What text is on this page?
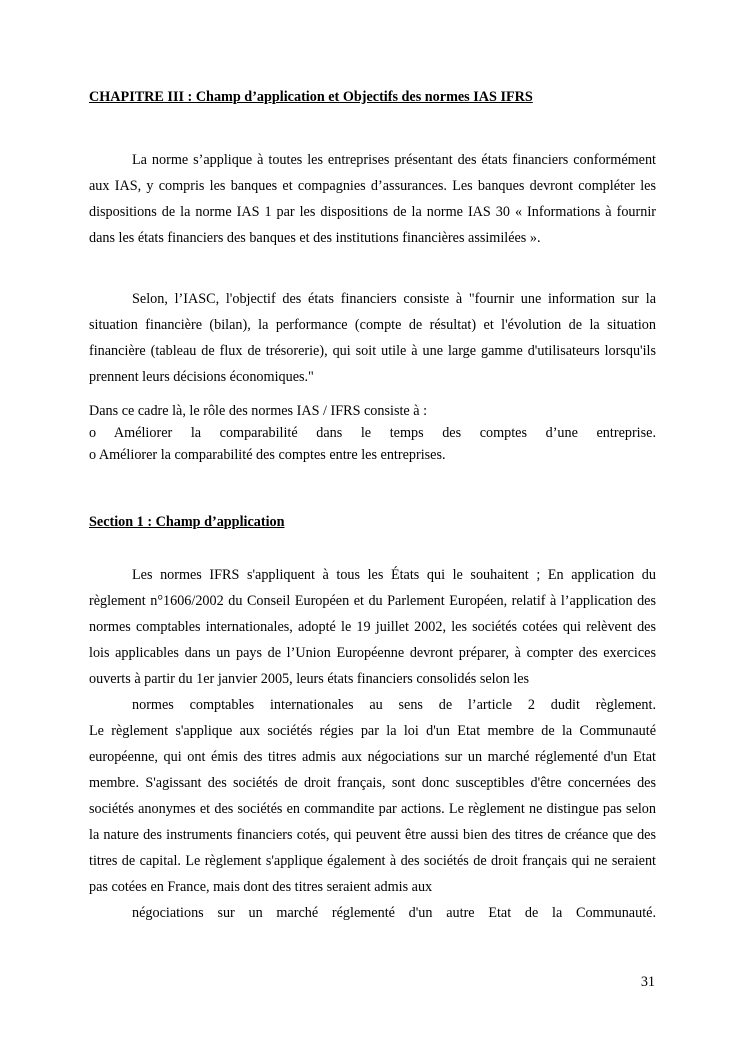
CHAPITRE III : Champ d’application et Objectifs des normes IAS IFRS

La norme s’applique à toutes les entreprises présentant des états financiers conformément aux IAS, y compris les banques et compagnies d’assurances. Les banques devront compléter les dispositions de la norme IAS 1 par les dispositions de la norme IAS 30 « Informations à fournir dans les états financiers des banques et des institutions financières assimilées ».

Selon, l’IASC, l'objectif des états financiers consiste à "fournir une information sur la situation financière (bilan), la performance (compte de résultat) et l'évolution de la situation financière (tableau de flux de trésorerie), qui soit utile à une large gamme d'utilisateurs lorsqu'ils prennent leurs décisions économiques."

Dans ce cadre là, le rôle des normes IAS / IFRS consiste à :
o Améliorer la comparabilité dans le temps des comptes d’une entreprise.
o Améliorer la comparabilité des comptes entre les entreprises.
Section 1 : Champ d’application

Les normes IFRS s'appliquent à tous les États qui le souhaitent ; En application du règlement n°1606/2002 du Conseil Européen et du Parlement Européen, relatif à l’application des normes comptables internationales, adopté le 19 juillet 2002, les sociétés cotées qui relèvent des lois applicables dans un pays de l’Union Européenne devront préparer, à compter des exercices ouverts à partir du 1er janvier 2005, leurs états financiers consolidés selon les

normes comptables internationales au sens de l’article 2 dudit règlement.

Le règlement s'applique aux sociétés régies par la loi d'un Etat membre de la Communauté européenne, qui ont émis des titres admis aux négociations sur un marché réglementé d'un Etat membre. S'agissant des sociétés de droit français, sont donc susceptibles d'être concernées des sociétés anonymes et des sociétés en commandite par actions. Le règlement ne distingue pas selon la nature des instruments financiers cotés, qui peuvent être aussi bien des titres de créance que des titres de capital. Le règlement s'applique également à des sociétés de droit français qui ne seraient pas cotées en France, mais dont des titres seraient admis aux

négociations sur un marché réglementé d'un autre Etat de la Communauté.

31
